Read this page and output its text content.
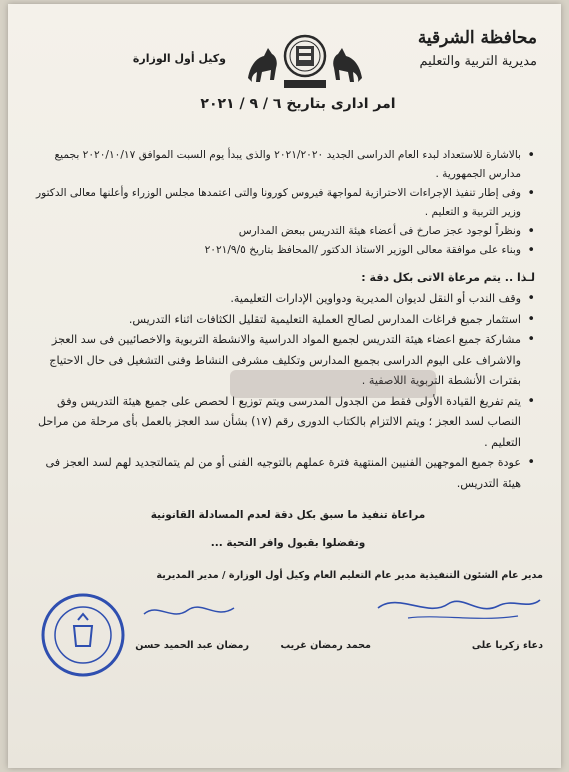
محافظة الشرقية
مديرية التربية والتعليم
وكيل أول الوزارة
امر ادارى بتاريخ ٦ / ٩ / ٢٠٢١
• بالاشارة للاستعداد لبدء العام الدراسى الجديد ٢٠٢١/٢٠٢٠ والذى يبدأ يوم السبت الموافق ٢٠٢٠/١٠/١٧ بجميع مدارس الجمهورية .
• وفى إطار تنفيذ الإجراءات الاحترازية لمواجهة فيروس كورونا والتى اعتمدها مجلس الوزراء وأعلنها معالى الدكتور وزير التربية و التعليم .
• ونظراً لوجود عجز صارخ فى أعضاء هيئة التدريس ببعض المدارس
• وبناء على موافقة معالى الوزير الاستاذ الدكتور /المحافظ بتاريخ ٢٠٢١/٩/٥
لـذا .. يتم مرعاة الاتى بكل دقة :
• وقف الندب أو النقل لديوان المديرية ودواوين الإدارات التعليمية.
• استثمار جميع فراغات المدارس لصالح العملية التعليمية لتقليل الكثافات اثناء التدريس.
• مشاركة جميع اعضاء هيئة التدريس لجميع المواد الدراسية والانشطة التربوية والاخصائيين فى سد العجز والاشراف على اليوم الدراسى بجميع المدارس وتكليف مشرفى النشاط وفنى التشغيل فى حال الاحتياج بفترات الأنشطة التربوية اللاصفية .
• يتم تفريغ القيادة الأولى فقط من الجدول المدرسى ويتم توزيع ا لحصص على جميع هيئة التدريس وفق النصاب لسد العجز ؛ ويتم الالتزام بالكتاب الدورى رقم (١٧) بشأن سد العجز بالعمل بأى مرحلة من مراحل التعليم .
• عودة جميع الموجهين الفنيين المنتهية فترة عملهم بالتوجيه الفنى أو من لم يتمالتجديد لهم لسد العجز فى هيئة التدريس.
مراعاة تنفيذ ما سبق بكل دقة لعدم المسادلة القانونية
وتفضلوا بقبول وافر التحية ...
مدير عام الشئون التنفيذية مدير عام التعليم العام وكيل أول الوزارة / مدير المديرية
دعاء زكريا على
محمد رمضان غريب
رمضان عبد الحميد حسن
